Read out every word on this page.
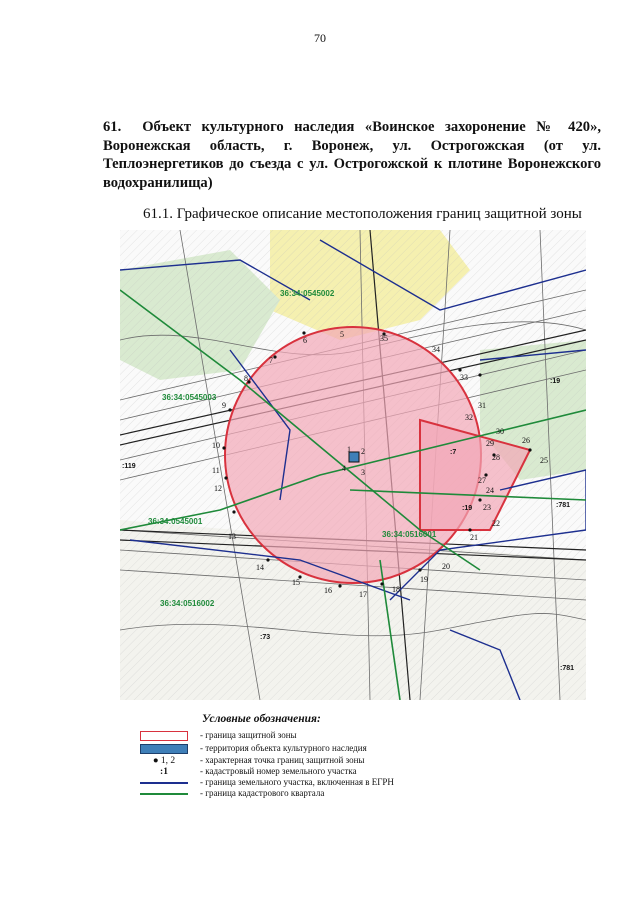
70

61. Объект культурного наследия «Воинское захоронение № 420», Воронежская область, г. Воронеж, ул. Острогожская (от ул. Теплоэнергетиков до съезда с ул. Острогожской к плотине Воронежского водохранилища)

61.1. Графическое описание местоположения границ защитной зоны
1 2
3
4
5
6
7
8
9
10
11
12
13
14
15
16	17
18
19
20
21
22
23
24
25
26
27
28
29
30
31
32
33
34
35
36:34:0545002
36:34:0545003
36:34:0545001
36:34:0516001
36:34:0516002
:119
:781
:19
:7
:73
:781
:19
Условные обозначения:
- граница защитной зоны
- территория объекта культурного наследия
● 1, 2	- характерная точка границ защитной зоны
:1	- кадастровый номер земельного участка
- граница земельного участка, включенная в ЕГРН
- граница кадастрового квартала
